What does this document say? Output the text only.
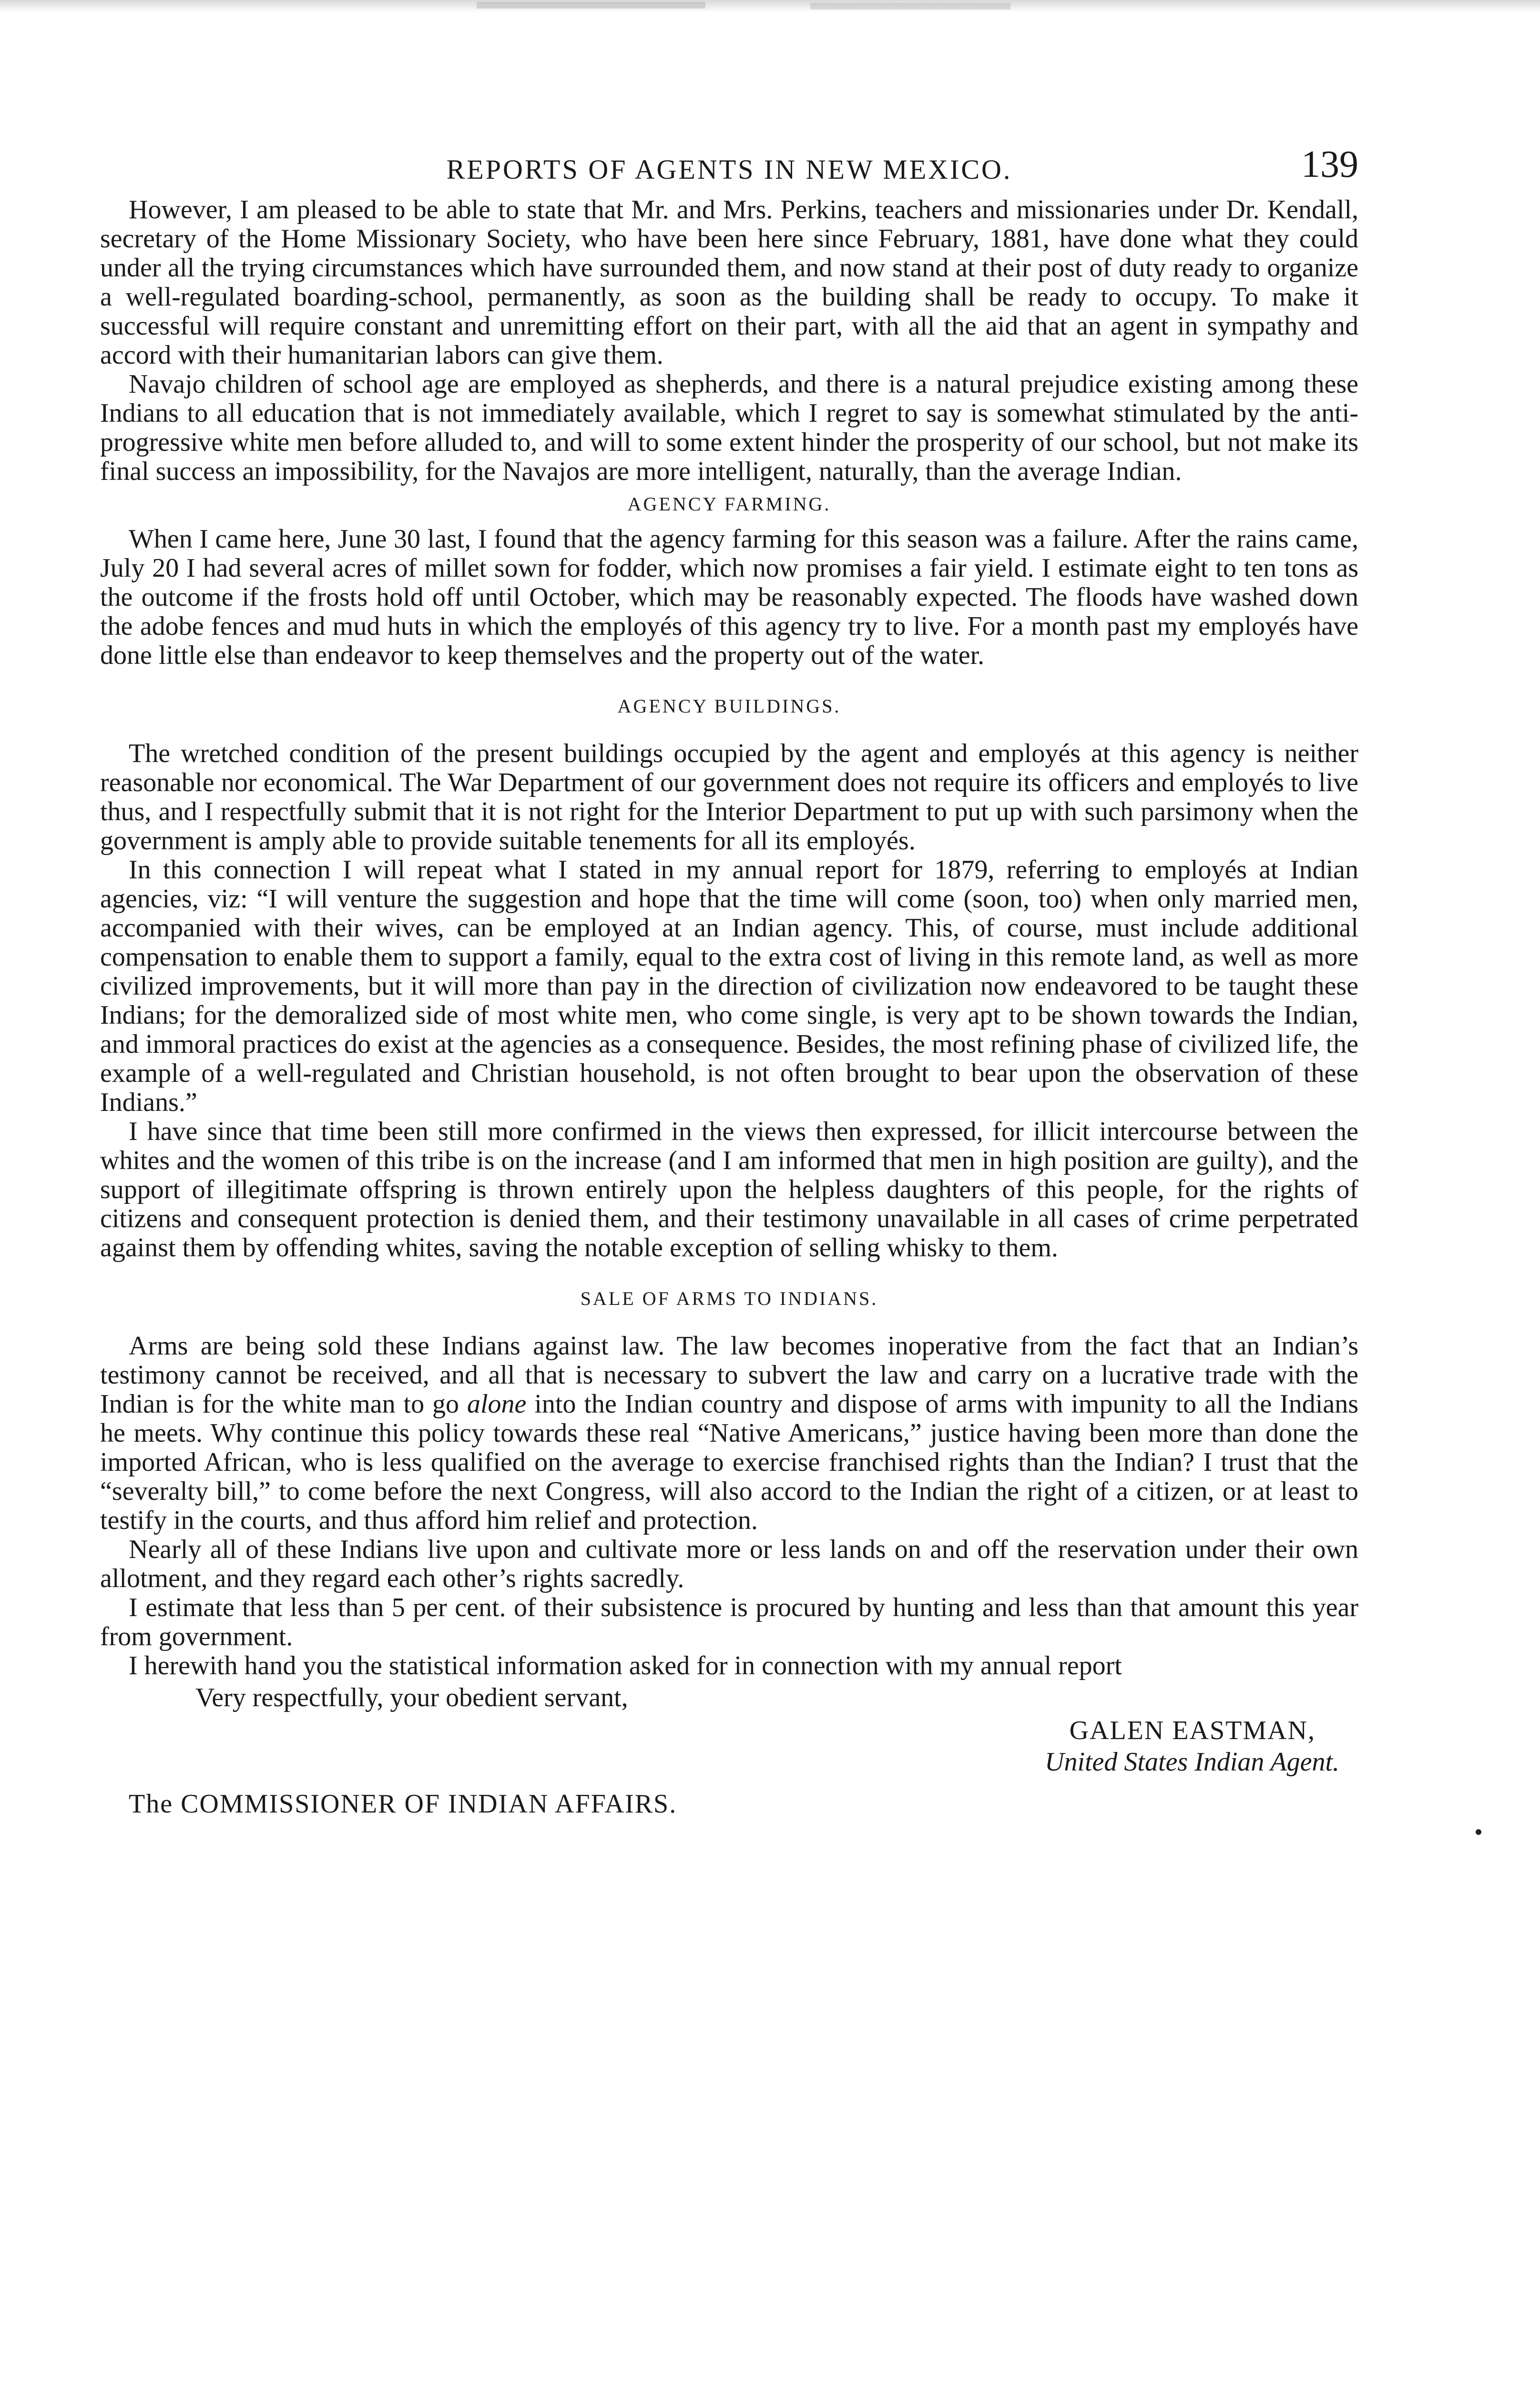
REPORTS OF AGENTS IN NEW MEXICO.	139

However, I am pleased to be able to state that Mr. and Mrs. Perkins, teachers and missionaries under Dr. Kendall, secretary of the Home Missionary Society, who have been here since February, 1881, have done what they could under all the trying circumstances which have surrounded them, and now stand at their post of duty ready to organize a well-regulated boarding-school, permanently, as soon as the building shall be ready to occupy. To make it successful will require constant and unremitting effort on their part, with all the aid that an agent in sympathy and accord with their humanitarian labors can give them.

Navajo children of school age are employed as shepherds, and there is a natural prejudice existing among these Indians to all education that is not immediately available, which I regret to say is somewhat stimulated by the anti-progressive white men before alluded to, and will to some extent hinder the prosperity of our school, but not make its final success an impossibility, for the Navajos are more intelligent, naturally, than the average Indian.

AGENCY FARMING.

When I came here, June 30 last, I found that the agency farming for this season was a failure. After the rains came, July 20 I had several acres of millet sown for fodder, which now promises a fair yield. I estimate eight to ten tons as the outcome if the frosts hold off until October, which may be reasonably expected. The floods have washed down the adobe fences and mud huts in which the employés of this agency try to live. For a month past my employés have done little else than endeavor to keep themselves and the property out of the water.

AGENCY BUILDINGS.

The wretched condition of the present buildings occupied by the agent and employés at this agency is neither reasonable nor economical. The War Department of our government does not require its officers and employés to live thus, and I respectfully submit that it is not right for the Interior Department to put up with such parsimony when the government is amply able to provide suitable tenements for all its employés.

In this connection I will repeat what I stated in my annual report for 1879, referring to employés at Indian agencies, viz: “I will venture the suggestion and hope that the time will come (soon, too) when only married men, accompanied with their wives, can be employed at an Indian agency. This, of course, must include additional compensation to enable them to support a family, equal to the extra cost of living in this remote land, as well as more civilized improvements, but it will more than pay in the direction of civilization now endeavored to be taught these Indians; for the demoralized side of most white men, who come single, is very apt to be shown towards the Indian, and immoral practices do exist at the agencies as a consequence. Besides, the most refining phase of civilized life, the example of a well-regulated and Christian household, is not often brought to bear upon the observation of these Indians.”

I have since that time been still more confirmed in the views then expressed, for illicit intercourse between the whites and the women of this tribe is on the increase (and I am informed that men in high position are guilty), and the support of illegitimate offspring is thrown entirely upon the helpless daughters of this people, for the rights of citizens and consequent protection is denied them, and their testimony unavailable in all cases of crime perpetrated against them by offending whites, saving the notable exception of selling whisky to them.

SALE OF ARMS TO INDIANS.

Arms are being sold these Indians against law. The law becomes inoperative from the fact that an Indian’s testimony cannot be received, and all that is necessary to subvert the law and carry on a lucrative trade with the Indian is for the white man to go alone into the Indian country and dispose of arms with impunity to all the Indians he meets. Why continue this policy towards these real “Native Americans,” justice having been more than done the imported African, who is less qualified on the average to exercise franchised rights than the Indian? I trust that the “severalty bill,” to come before the next Congress, will also accord to the Indian the right of a citizen, or at least to testify in the courts, and thus afford him relief and protection.

Nearly all of these Indians live upon and cultivate more or less lands on and off the reservation under their own allotment, and they regard each other’s rights sacredly.

I estimate that less than 5 per cent. of their subsistence is procured by hunting and less than that amount this year from government.

I herewith hand you the statistical information asked for in connection with my annual report

Very respectfully, your obedient servant,
GALEN EASTMAN,
United States Indian Agent.
The COMMISSIONER OF INDIAN AFFAIRS.
